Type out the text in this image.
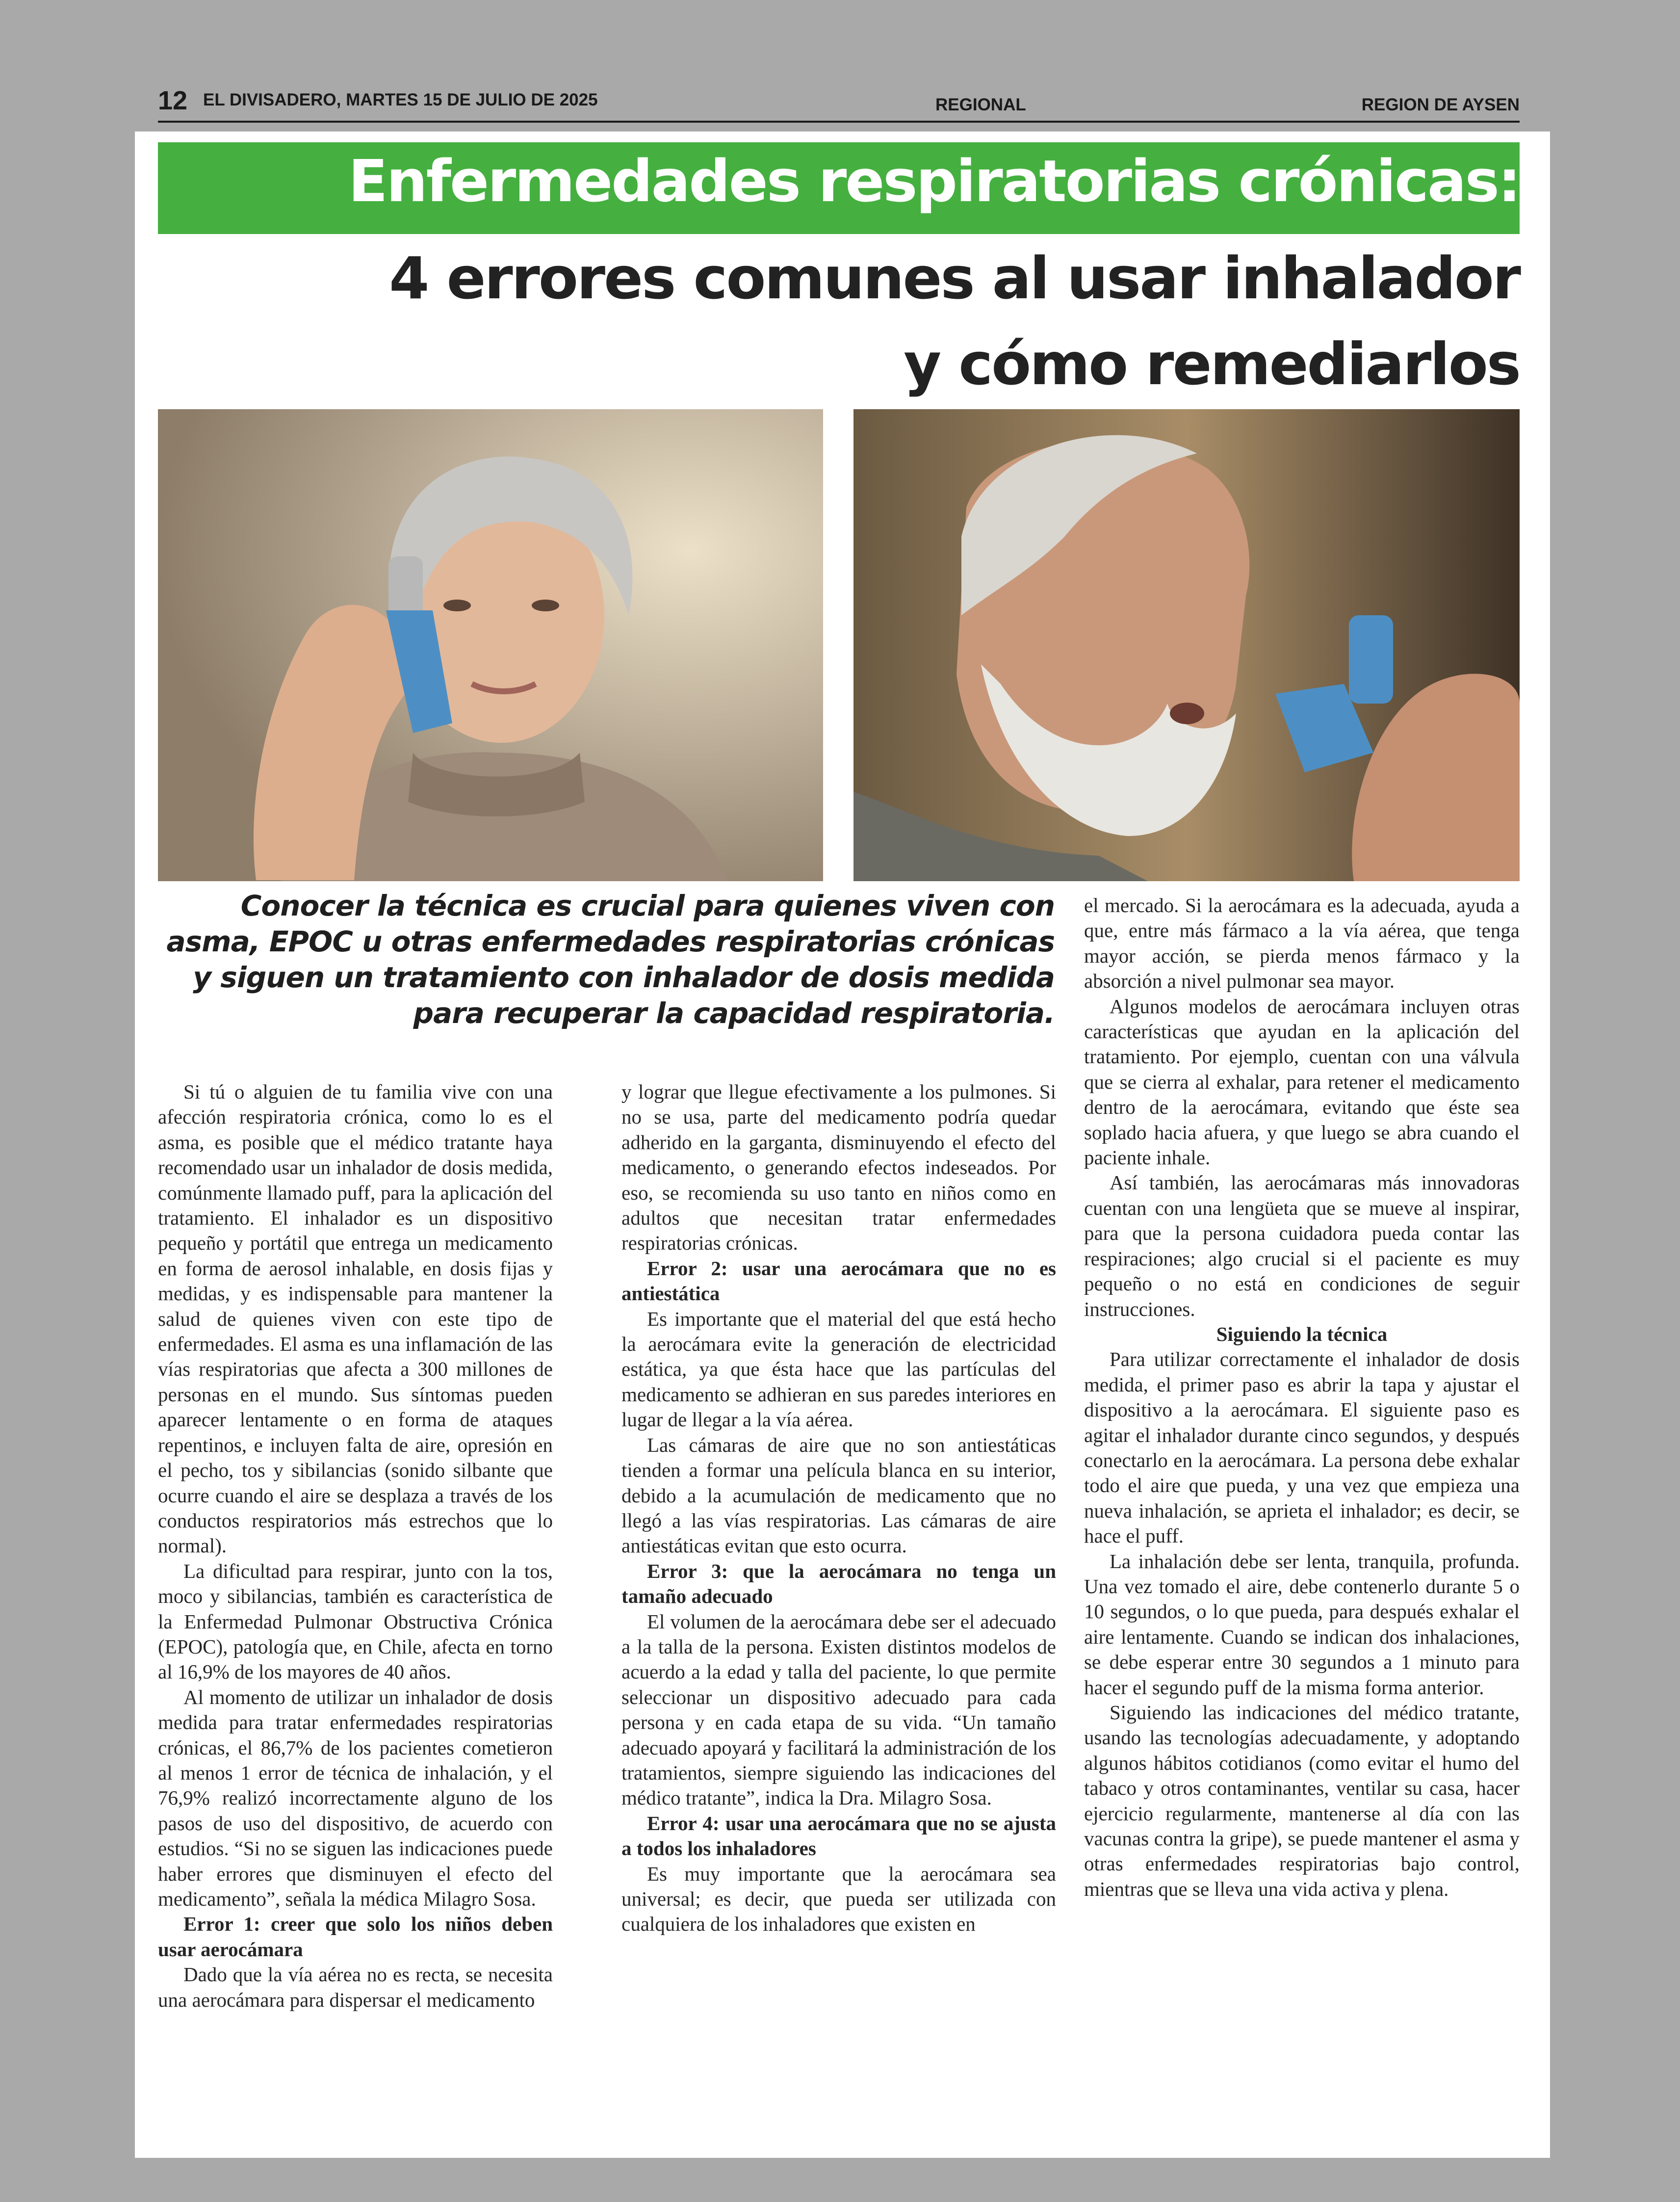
12 EL DIVISADERO, MARTES 15 DE JULIO DE 2025	REGIONAL	REGION DE AYSEN
Enfermedades respiratorias crónicas:
4 errores comunes al usar inhalador
y cómo remediarlos
Conocer la técnica es crucial para quienes viven con asma, EPOC u otras enfermedades respiratorias crónicas y siguen un tratamiento con inhalador de dosis medida para recuperar la capacidad respiratoria.

Si tú o alguien de tu familia vive con una afección respiratoria crónica, como lo es el asma, es posible que el médico tratante haya recomendado usar un inhalador de dosis medida, comúnmente llamado puff, para la aplicación del tratamiento. El inhalador es un dispositivo pequeño y portátil que entrega un medicamento en forma de aerosol inhalable, en dosis fijas y medidas, y es indispensable para mantener la salud de quienes viven con este tipo de enfermedades. El asma es una inflamación de las vías respiratorias que afecta a 300 millones de personas en el mundo. Sus síntomas pueden aparecer lentamente o en forma de ataques repentinos, e incluyen falta de aire, opresión en el pecho, tos y sibilancias (sonido silbante que ocurre cuando el aire se desplaza a través de los conductos respiratorios más estrechos que lo normal).

La dificultad para respirar, junto con la tos, moco y sibilancias, también es característica de la Enfermedad Pulmonar Obstructiva Crónica (EPOC), patología que, en Chile, afecta en torno al 16,9% de los mayores de 40 años.

Al momento de utilizar un inhalador de dosis medida para tratar enfermedades respiratorias crónicas, el 86,7% de los pacientes cometieron al menos 1 error de técnica de inhalación, y el 76,9% realizó incorrectamente alguno de los pasos de uso del dispositivo, de acuerdo con estudios. “Si no se siguen las indicaciones puede haber errores que disminuyen el efecto del medicamento”, señala la médica Milagro Sosa.

Error 1: creer que solo los niños deben usar aerocámara

Dado que la vía aérea no es recta, se necesita una aerocámara para dispersar el medicamento

y lograr que llegue efectivamente a los pulmones. Si no se usa, parte del medicamento podría quedar adherido en la garganta, disminuyendo el efecto del medicamento, o generando efectos indeseados. Por eso, se recomienda su uso tanto en niños como en adultos que necesitan tratar enfermedades respiratorias crónicas.

Error 2: usar una aerocámara que no es antiestática

Es importante que el material del que está hecho la aerocámara evite la generación de electricidad estática, ya que ésta hace que las partículas del medicamento se adhieran en sus paredes interiores en lugar de llegar a la vía aérea.

Las cámaras de aire que no son antiestáticas tienden a formar una película blanca en su interior, debido a la acumulación de medicamento que no llegó a las vías respiratorias. Las cámaras de aire antiestáticas evitan que esto ocurra.

Error 3: que la aerocámara no tenga un tamaño adecuado

El volumen de la aerocámara debe ser el adecuado a la talla de la persona. Existen distintos modelos de acuerdo a la edad y talla del paciente, lo que permite seleccionar un dispositivo adecuado para cada persona y en cada etapa de su vida. “Un tamaño adecuado apoyará y facilitará la administración de los tratamientos, siempre siguiendo las indicaciones del médico tratante”, indica la Dra. Milagro Sosa.

Error 4: usar una aerocámara que no se ajusta a todos los inhaladores

Es muy importante que la aerocámara sea universal; es decir, que pueda ser utilizada con cualquiera de los inhaladores que existen en

el mercado. Si la aerocámara es la adecuada, ayuda a que, entre más fármaco a la vía aérea, que tenga mayor acción, se pierda menos fármaco y la absorción a nivel pulmonar sea mayor.

Algunos modelos de aerocámara incluyen otras características que ayudan en la aplicación del tratamiento. Por ejemplo, cuentan con una válvula que se cierra al exhalar, para retener el medicamento dentro de la aerocámara, evitando que éste sea soplado hacia afuera, y que luego se abra cuando el paciente inhale.

Así también, las aerocámaras más innovadoras cuentan con una lengüeta que se mueve al inspirar, para que la persona cuidadora pueda contar las respiraciones; algo crucial si el paciente es muy pequeño o no está en condiciones de seguir instrucciones.

Siguiendo la técnica

Para utilizar correctamente el inhalador de dosis medida, el primer paso es abrir la tapa y ajustar el dispositivo a la aerocámara. El siguiente paso es agitar el inhalador durante cinco segundos, y después conectarlo en la aerocámara. La persona debe exhalar todo el aire que pueda, y una vez que empieza una nueva inhalación, se aprieta el inhalador; es decir, se hace el puff.

La inhalación debe ser lenta, tranquila, profunda. Una vez tomado el aire, debe contenerlo durante 5 o 10 segundos, o lo que pueda, para después exhalar el aire lentamente. Cuando se indican dos inhalaciones, se debe esperar entre 30 segundos a 1 minuto para hacer el segundo puff de la misma forma anterior.

Siguiendo las indicaciones del médico tratante, usando las tecnologías adecuadamente, y adoptando algunos hábitos cotidianos (como evitar el humo del tabaco y otros contaminantes, ventilar su casa, hacer ejercicio regularmente, mantenerse al día con las vacunas contra la gripe), se puede mantener el asma y otras enfermedades respiratorias bajo control, mientras que se lleva una vida activa y plena.
